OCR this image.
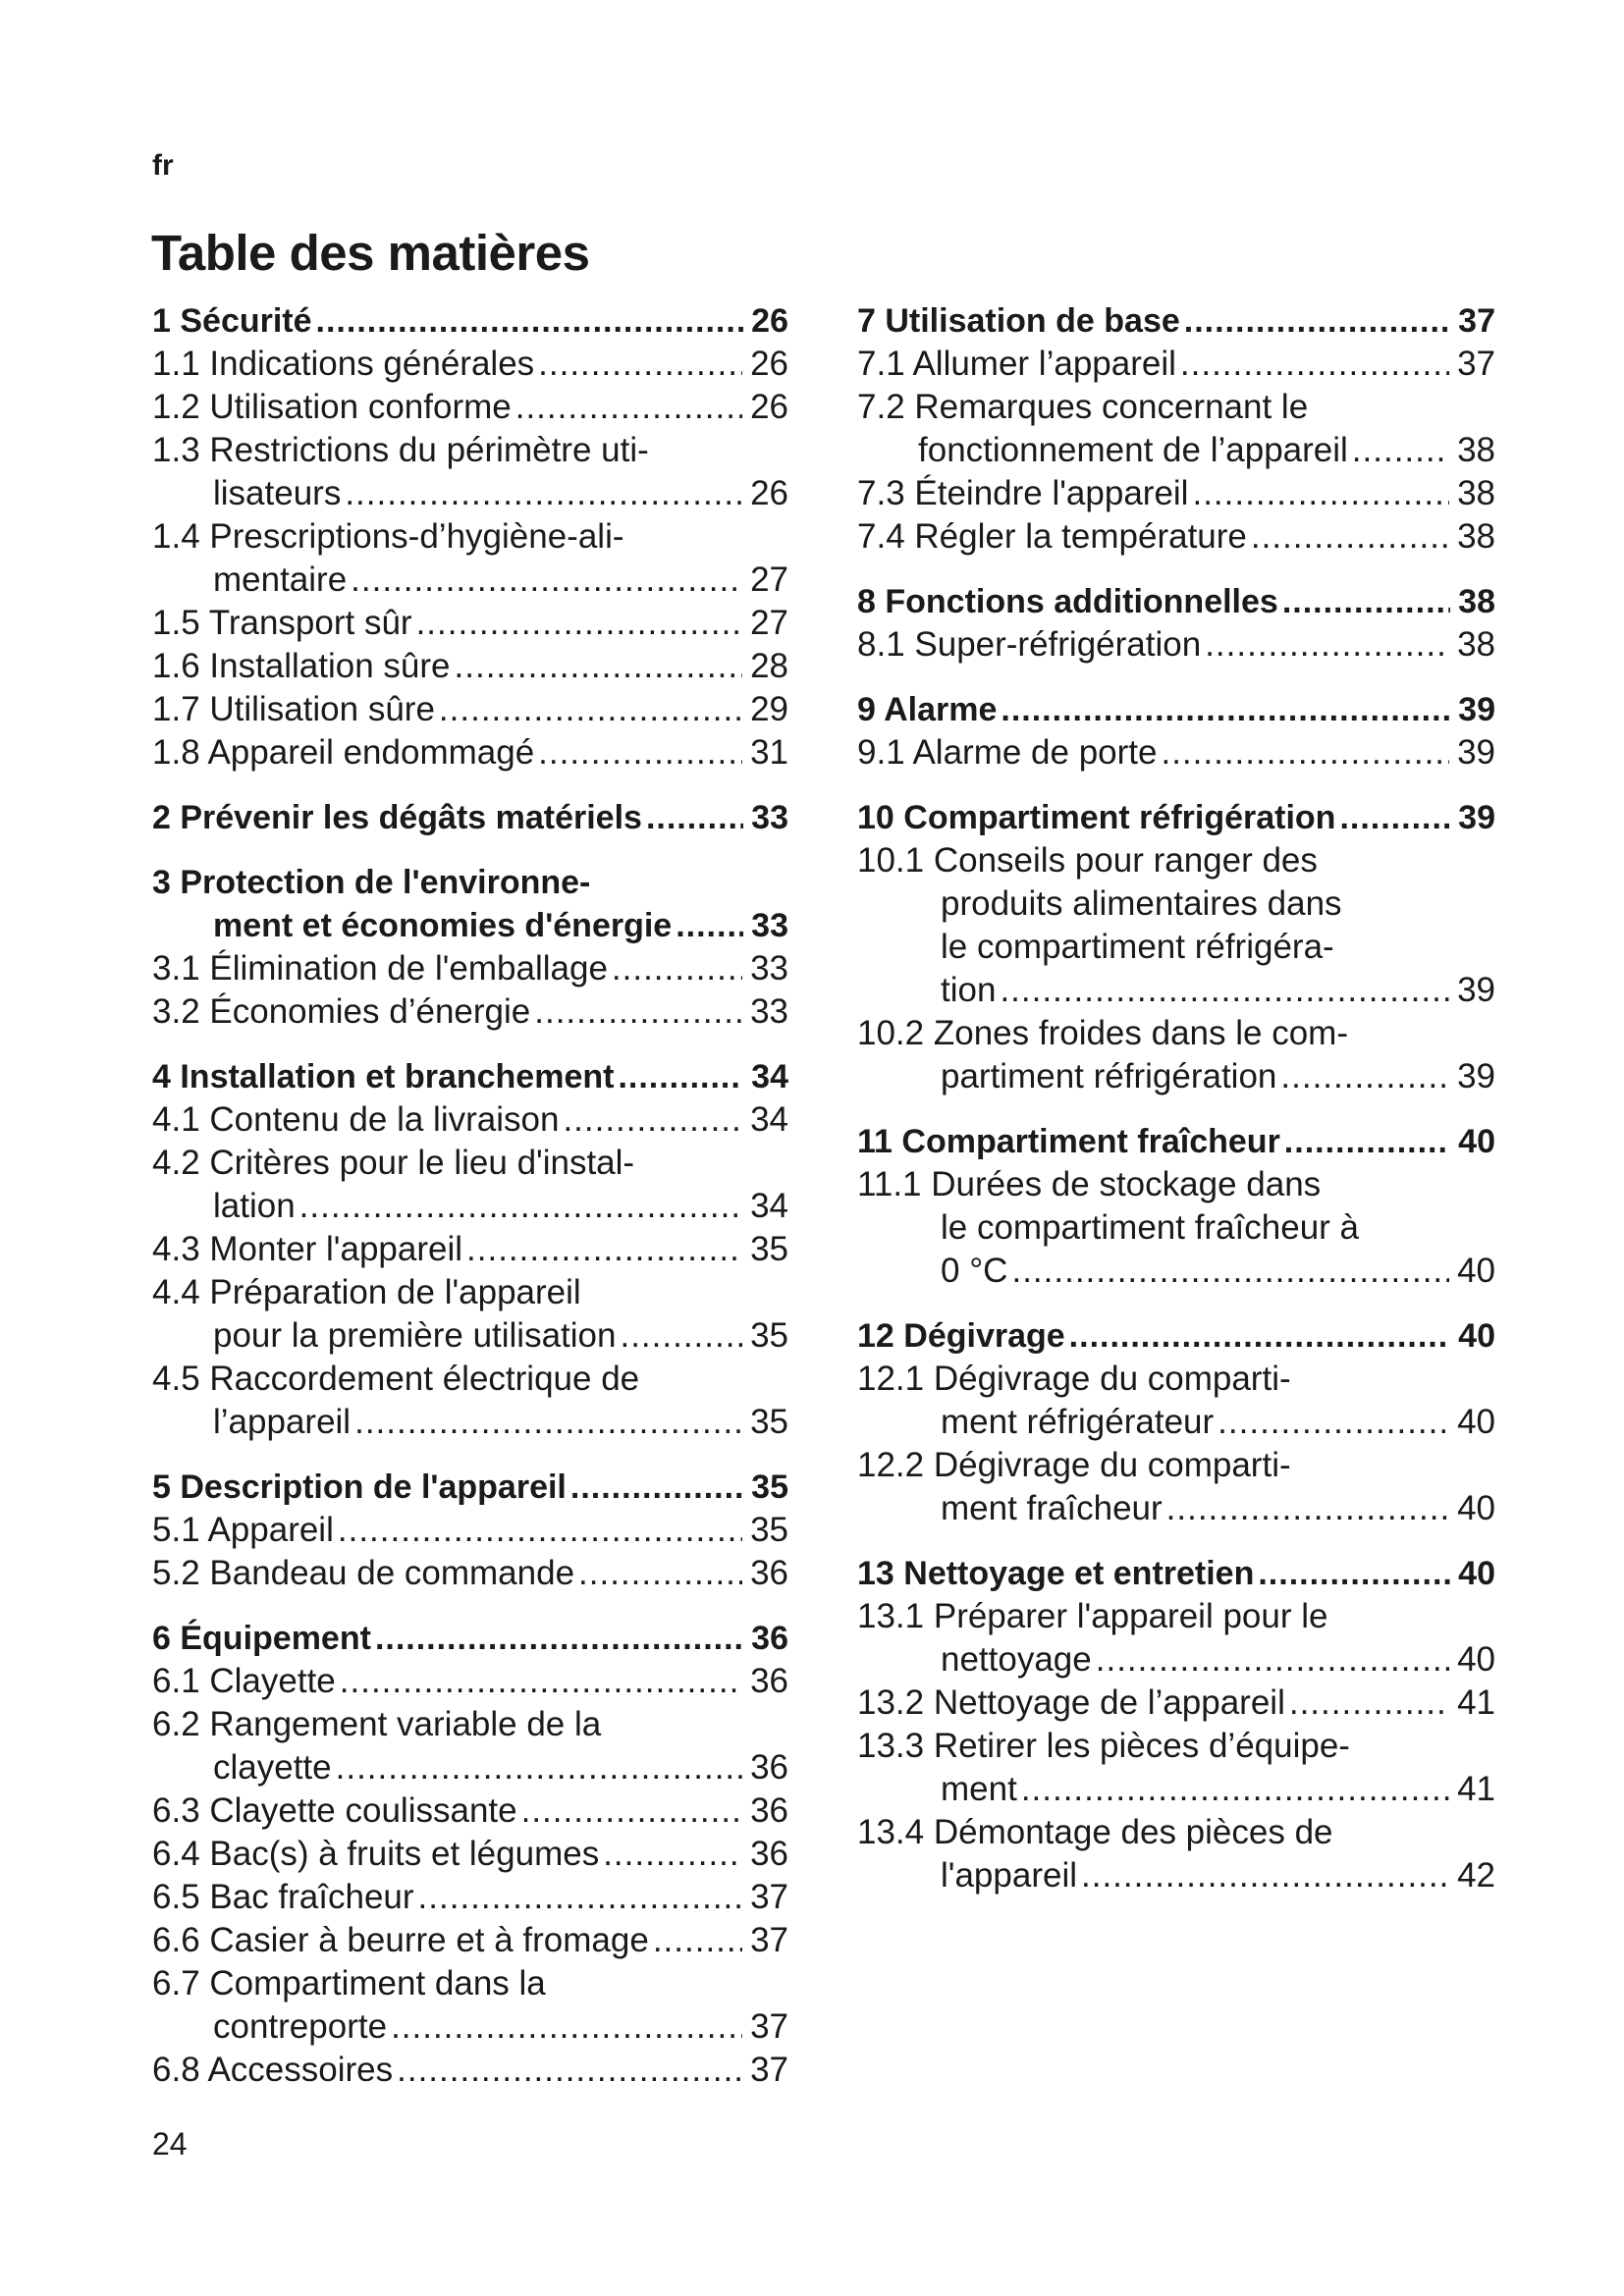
fr
Table des matières
1 Sécurité .....	26
1.1 Indications générales .....	26
1.2 Utilisation conforme .....	26
1.3 Restrictions du périmètre uti-
lisateurs .....	26
1.4 Prescriptions-d’hygiène-ali-
mentaire .....	27
1.5 Transport sûr .....	27
1.6 Installation sûre .....	28
1.7 Utilisation sûre .....	29
1.8 Appareil endommagé .....	31
2 Prévenir les dégâts matériels .....	33
3 Protection de l'environne-
ment et économies d'énergie ..... 33
3.1 Élimination de l'emballage .....	33
3.2 Économies d’énergie .....	33
4 Installation et branchement .....	34
4.1 Contenu de la livraison .....	34
4.2 Critères pour le lieu d'instal-
lation .....	34
4.3 Monter l'appareil .....	35
4.4 Préparation de l'appareil
pour la première utilisation .....	35
4.5 Raccordement électrique de
l’appareil .....	35
5 Description de l'appareil .....	35
5.1 Appareil .....	35
5.2 Bandeau de commande .....	36
6 Équipement .....	36
6.1 Clayette .....	36
6.2 Rangement variable de la
clayette .....	36
6.3 Clayette coulissante .....	36
6.4 Bac(s) à fruits et légumes .....	36
6.5 Bac fraîcheur .....	37
6.6 Casier à beurre et à fromage .....	37
6.7 Compartiment dans la
contreporte .....	37
6.8 Accessoires .....	37
7 Utilisation de base .....	37
7.1 Allumer l’appareil .....	37
7.2 Remarques concernant le
fonctionnement de l’appareil .....	38
7.3 Éteindre l'appareil .....	38
7.4 Régler la température .....	38
8 Fonctions additionnelles .....	38
8.1 Super-réfrigération .....	38
9 Alarme .....	39
9.1 Alarme de porte .....	39
10 Compartiment réfrigération .....	39
10.1 Conseils pour ranger des
produits alimentaires dans
le compartiment réfrigéra-
tion .....	39
10.2 Zones froides dans le com-
partiment réfrigération .....	39
11 Compartiment fraîcheur .....	40
11.1 Durées de stockage dans
le compartiment fraîcheur à
0 °C .....	40
12 Dégivrage .....	40
12.1 Dégivrage du comparti-
ment réfrigérateur .....	40
12.2 Dégivrage du comparti-
ment fraîcheur .....	40
13 Nettoyage et entretien .....	40
13.1 Préparer l'appareil pour le
nettoyage .....	40
13.2 Nettoyage de l’appareil .....	41
13.3 Retirer les pièces d’équipe-
ment .....	41
13.4 Démontage des pièces de
l'appareil .....	42
24
